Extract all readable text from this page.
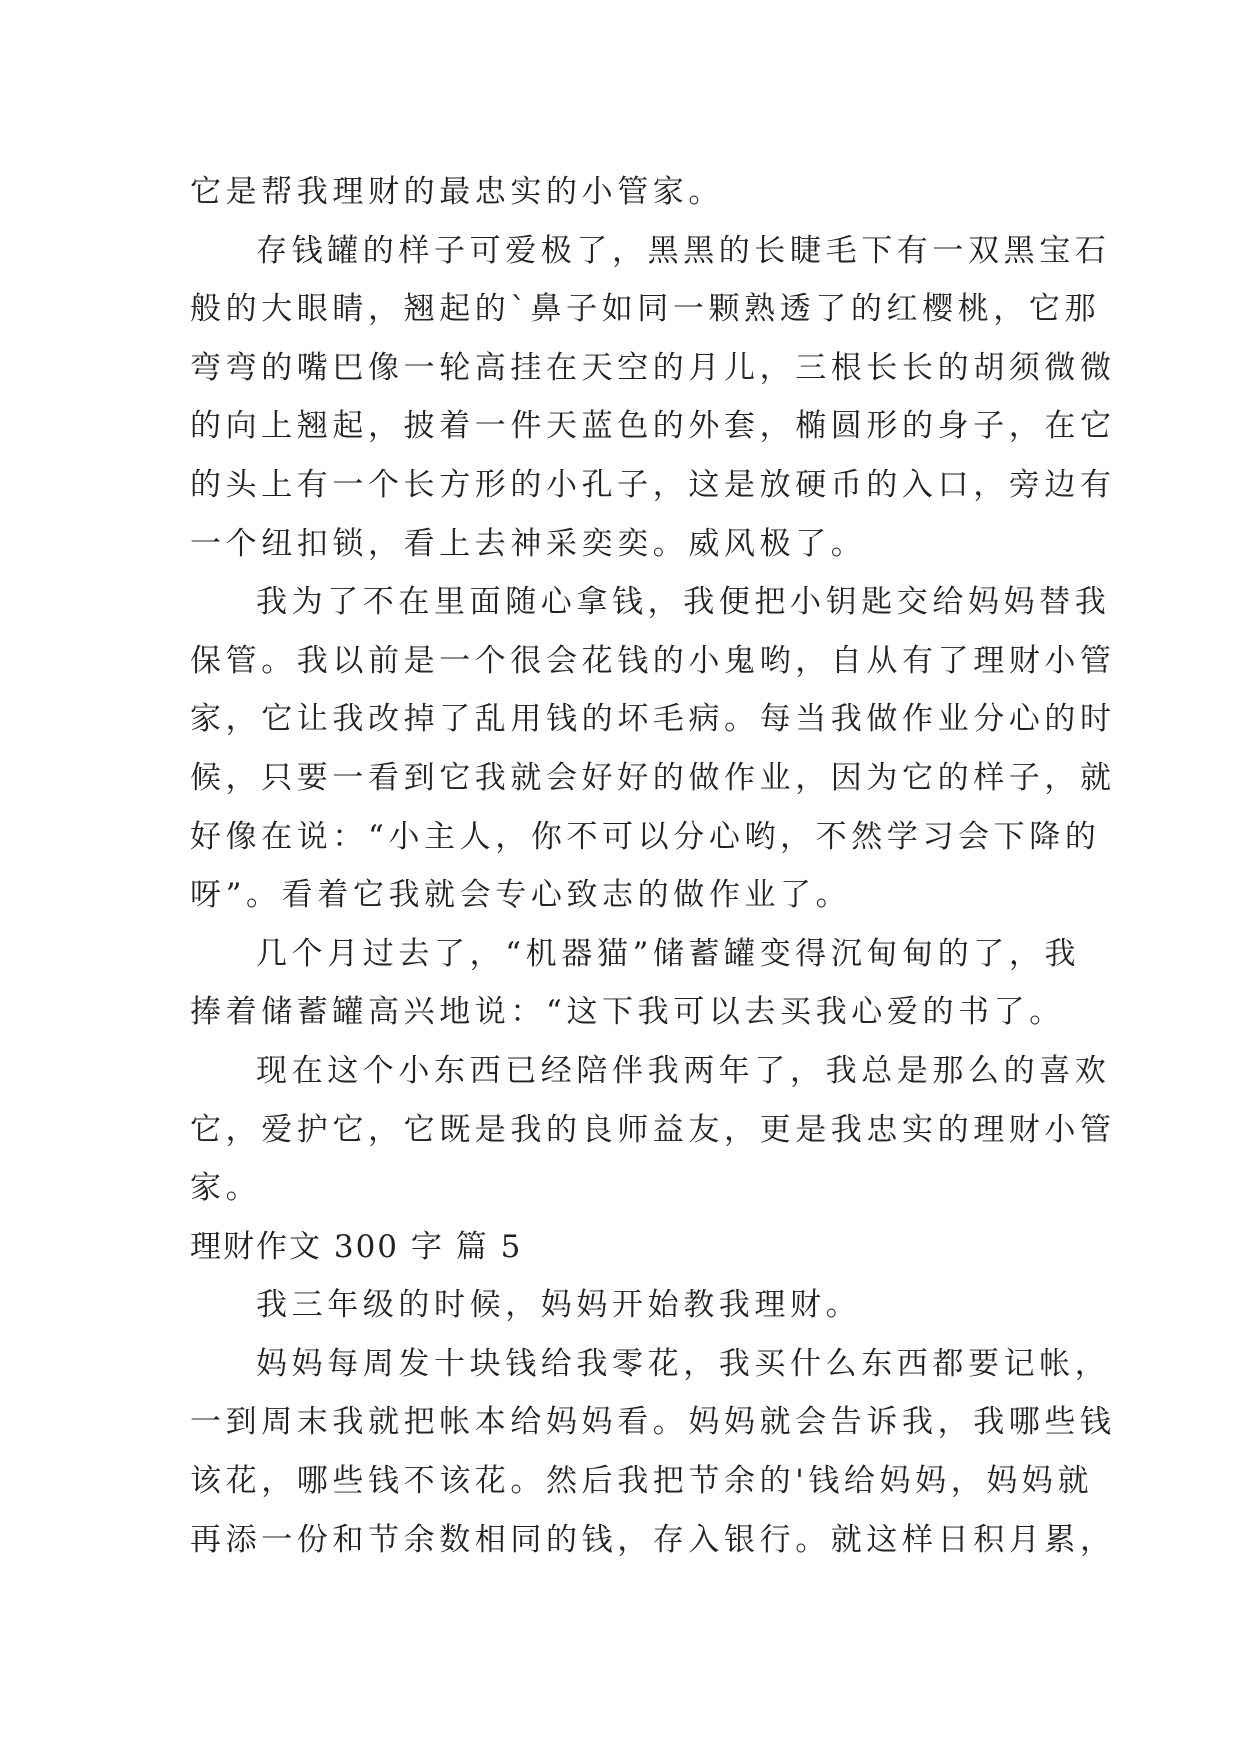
它是帮我理财的最忠实的小管家。
存钱罐的样子可爱极了，黑黑的长睫毛下有一双黑宝石
般的大眼睛，翘起的`鼻子如同一颗熟透了的红樱桃，它那
弯弯的嘴巴像一轮高挂在天空的月儿，三根长长的胡须微微
的向上翘起，披着一件天蓝色的外套，椭圆形的身子，在它
的头上有一个长方形的小孔子，这是放硬币的入口，旁边有
一个纽扣锁，看上去神采奕奕。威风极了。
我为了不在里面随心拿钱，我便把小钥匙交给妈妈替我
保管。我以前是一个很会花钱的小鬼哟，自从有了理财小管
家，它让我改掉了乱用钱的坏毛病。每当我做作业分心的时
候，只要一看到它我就会好好的做作业，因为它的样子，就
好像在说：“小主人，你不可以分心哟，不然学习会下降的
呀”。看着它我就会专心致志的做作业了。
几个月过去了，“机器猫”储蓄罐变得沉甸甸的了，我
捧着储蓄罐高兴地说：“这下我可以去买我心爱的书了。
现在这个小东西已经陪伴我两年了，我总是那么的喜欢
它，爱护它，它既是我的良师益友，更是我忠实的理财小管
家。
理财作文 300 字 篇 5
我三年级的时候，妈妈开始教我理财。
妈妈每周发十块钱给我零花，我买什么东西都要记帐，
一到周末我就把帐本给妈妈看。妈妈就会告诉我，我哪些钱
该花，哪些钱不该花。然后我把节余的'钱给妈妈，妈妈就
再添一份和节余数相同的钱，存入银行。就这样日积月累，
